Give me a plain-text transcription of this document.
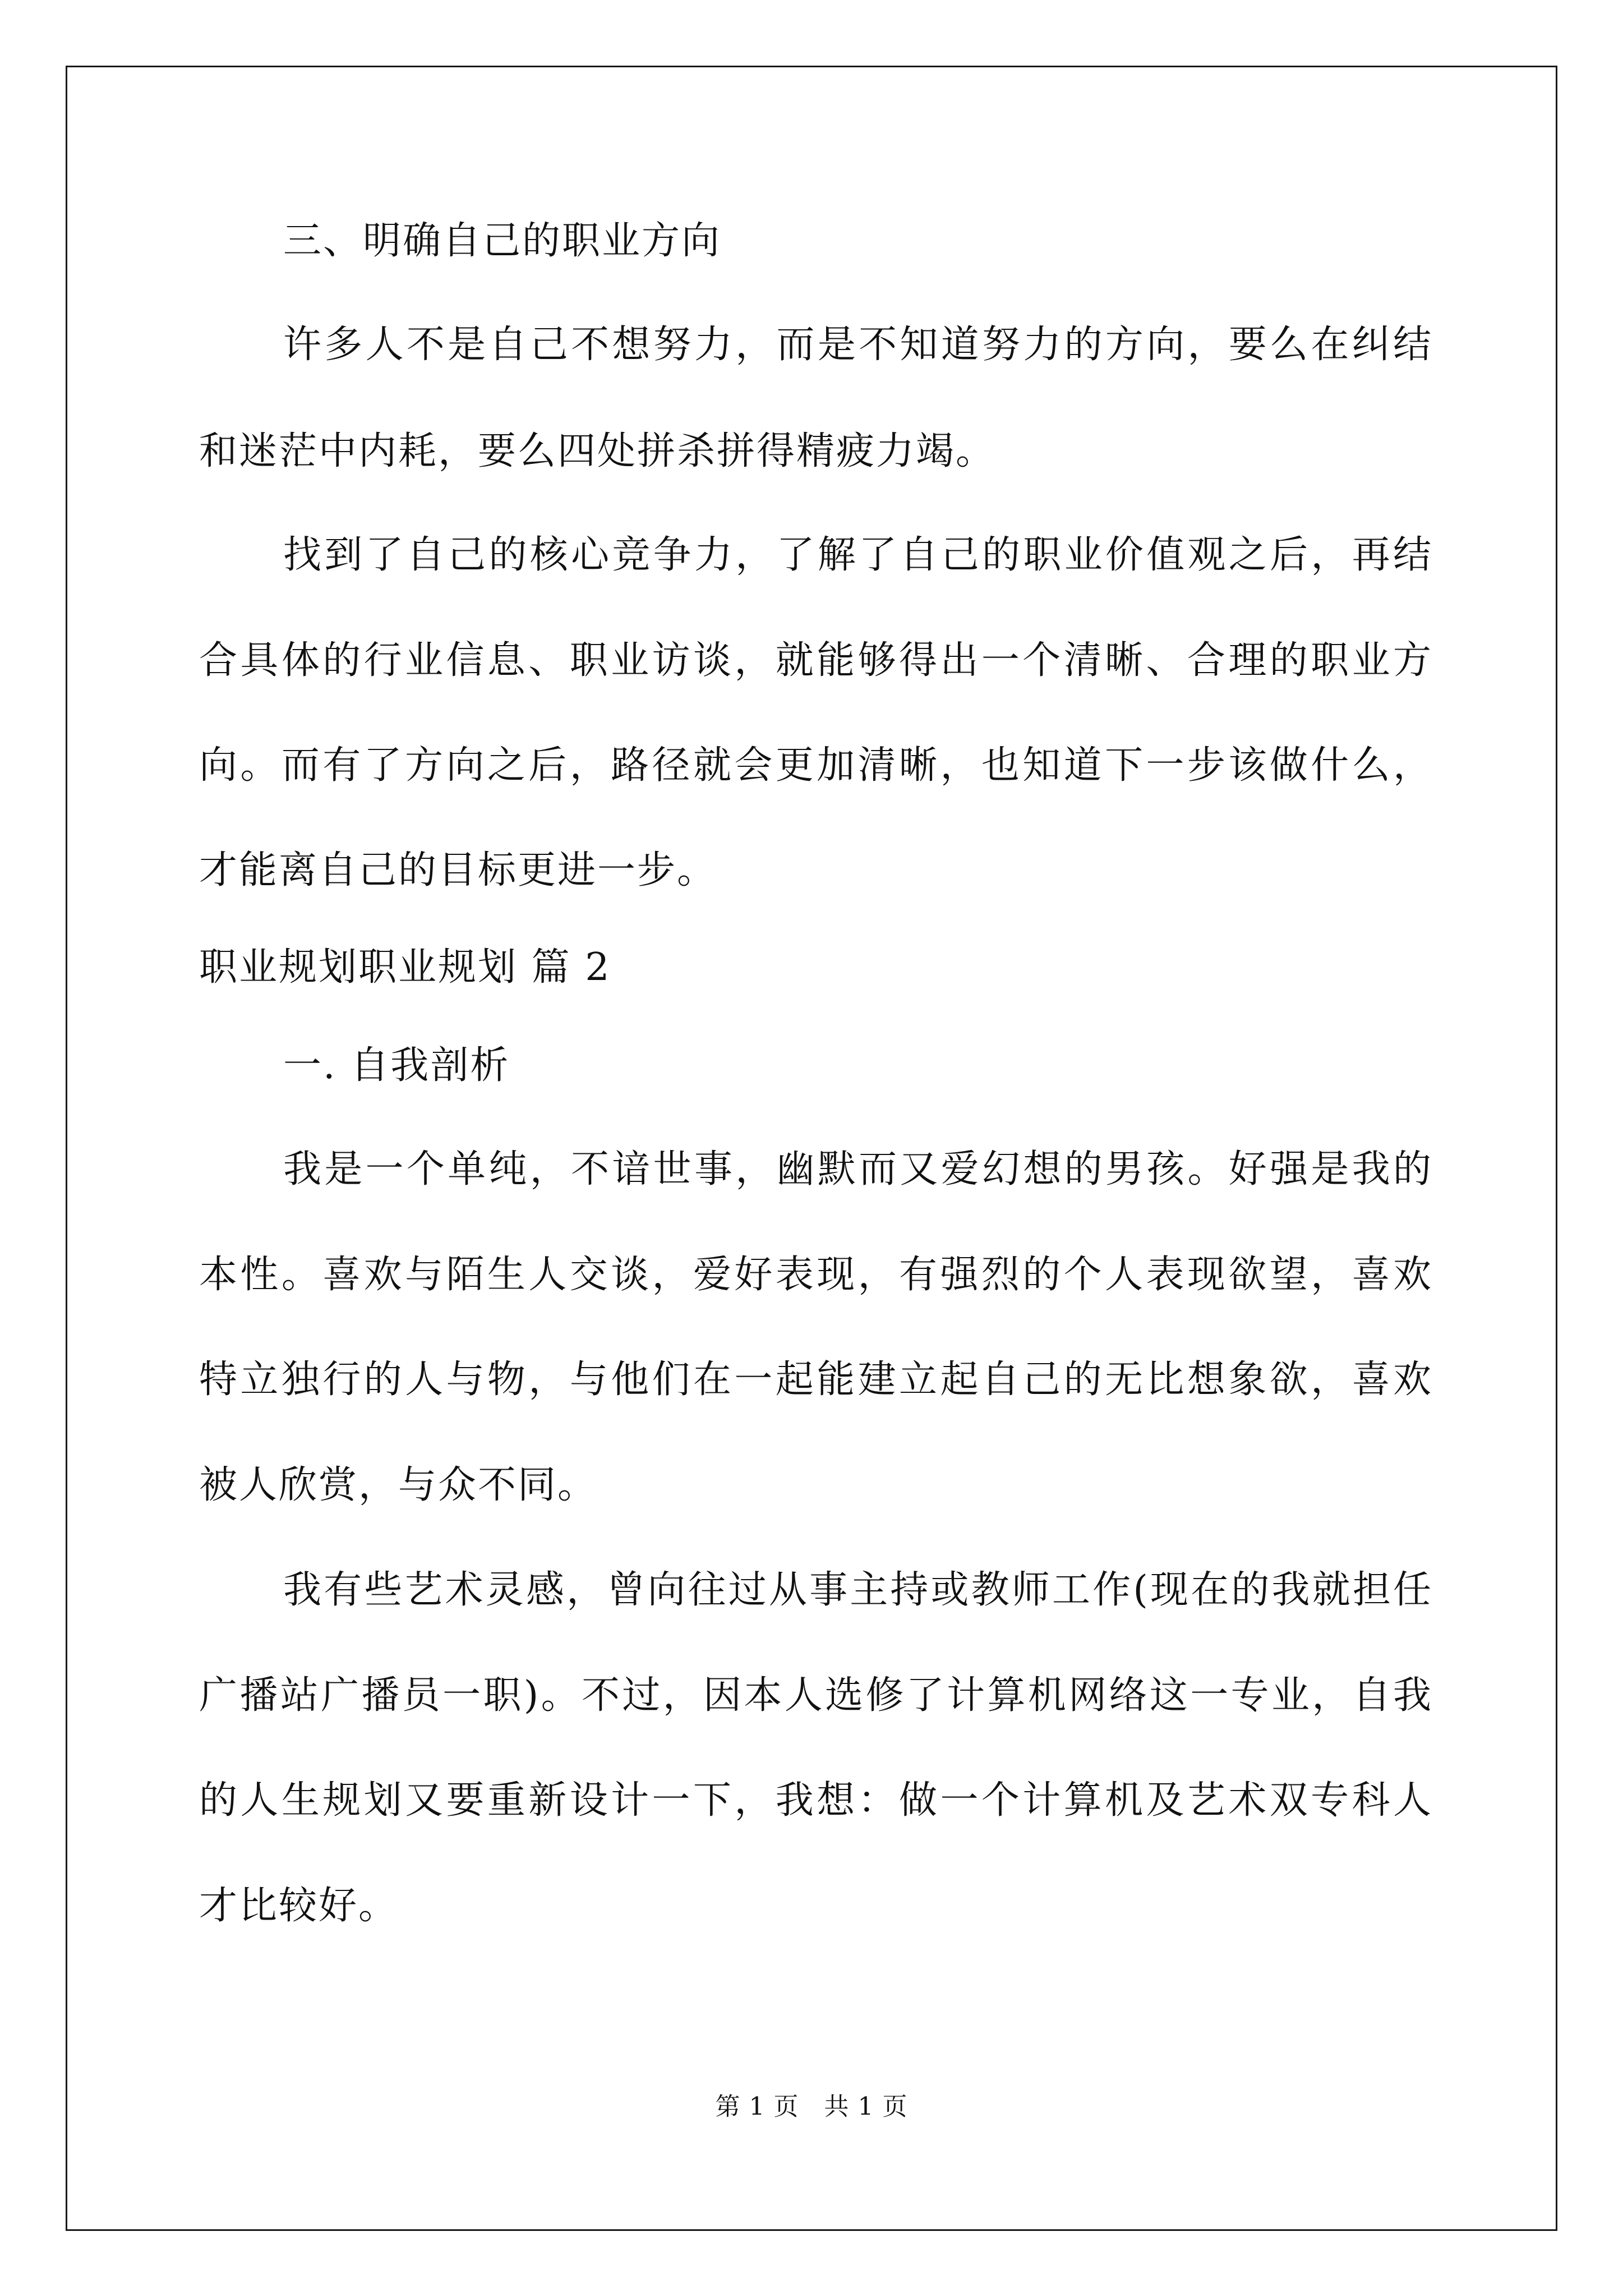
三、明确自己的职业方向
许多人不是自己不想努力，而是不知道努力的方向，要么在纠结
和迷茫中内耗，要么四处拼杀拼得精疲力竭。
找到了自己的核心竞争力，了解了自己的职业价值观之后，再结
合具体的行业信息、职业访谈，就能够得出一个清晰、合理的职业方
向。而有了方向之后，路径就会更加清晰，也知道下一步该做什么，
才能离自己的目标更进一步。
职业规划职业规划 篇 2
一. 自我剖析
我是一个单纯，不谙世事，幽默而又爱幻想的男孩。好强是我的
本性。喜欢与陌生人交谈，爱好表现，有强烈的个人表现欲望，喜欢
特立独行的人与物，与他们在一起能建立起自己的无比想象欲，喜欢
被人欣赏，与众不同。
我有些艺术灵感，曾向往过从事主持或教师工作(现在的我就担任
广播站广播员一职)。不过，因本人选修了计算机网络这一专业，自我
的人生规划又要重新设计一下，我想：做一个计算机及艺术双专科人
才比较好。
第 1 页　共 1 页
